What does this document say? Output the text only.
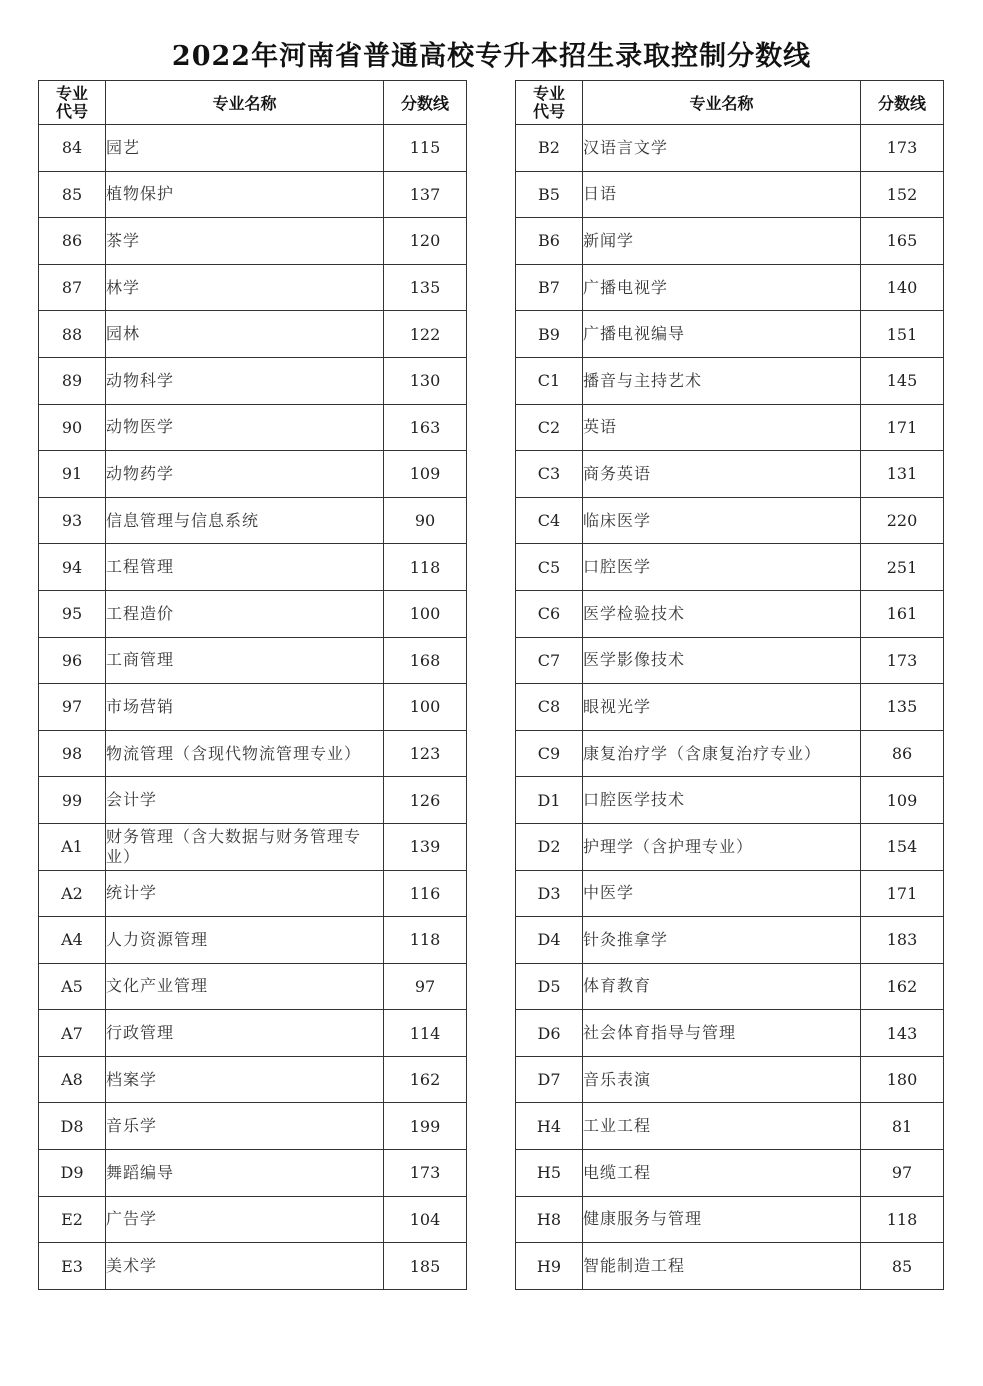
2022年河南省普通高校专升本招生录取控制分数线
专业
代号	专业名称	分数线
84	园艺	115
85	植物保护	137
86	茶学	120
87	林学	135
88	园林	122
89	动物科学	130
90	动物医学	163
91	动物药学	109
93	信息管理与信息系统	90
94	工程管理	118
95	工程造价	100
96	工商管理	168
97	市场营销	100
98	物流管理（含现代物流管理专业）	123
99	会计学	126
A1	财务管理（含大数据与财务管理专业）	139
A2	统计学	116
A4	人力资源管理	118
A5	文化产业管理	97
A7	行政管理	114
A8	档案学	162
D8	音乐学	199
D9	舞蹈编导	173
E2	广告学	104
E3	美术学	185
专业
代号	专业名称	分数线
B2	汉语言文学	173
B5	日语	152
B6	新闻学	165
B7	广播电视学	140
B9	广播电视编导	151
C1	播音与主持艺术	145
C2	英语	171
C3	商务英语	131
C4	临床医学	220
C5	口腔医学	251
C6	医学检验技术	161
C7	医学影像技术	173
C8	眼视光学	135
C9	康复治疗学（含康复治疗专业）	86
D1	口腔医学技术	109
D2	护理学（含护理专业）	154
D3	中医学	171
D4	针灸推拿学	183
D5	体育教育	162
D6	社会体育指导与管理	143
D7	音乐表演	180
H4	工业工程	81
H5	电缆工程	97
H8	健康服务与管理	118
H9	智能制造工程	85
